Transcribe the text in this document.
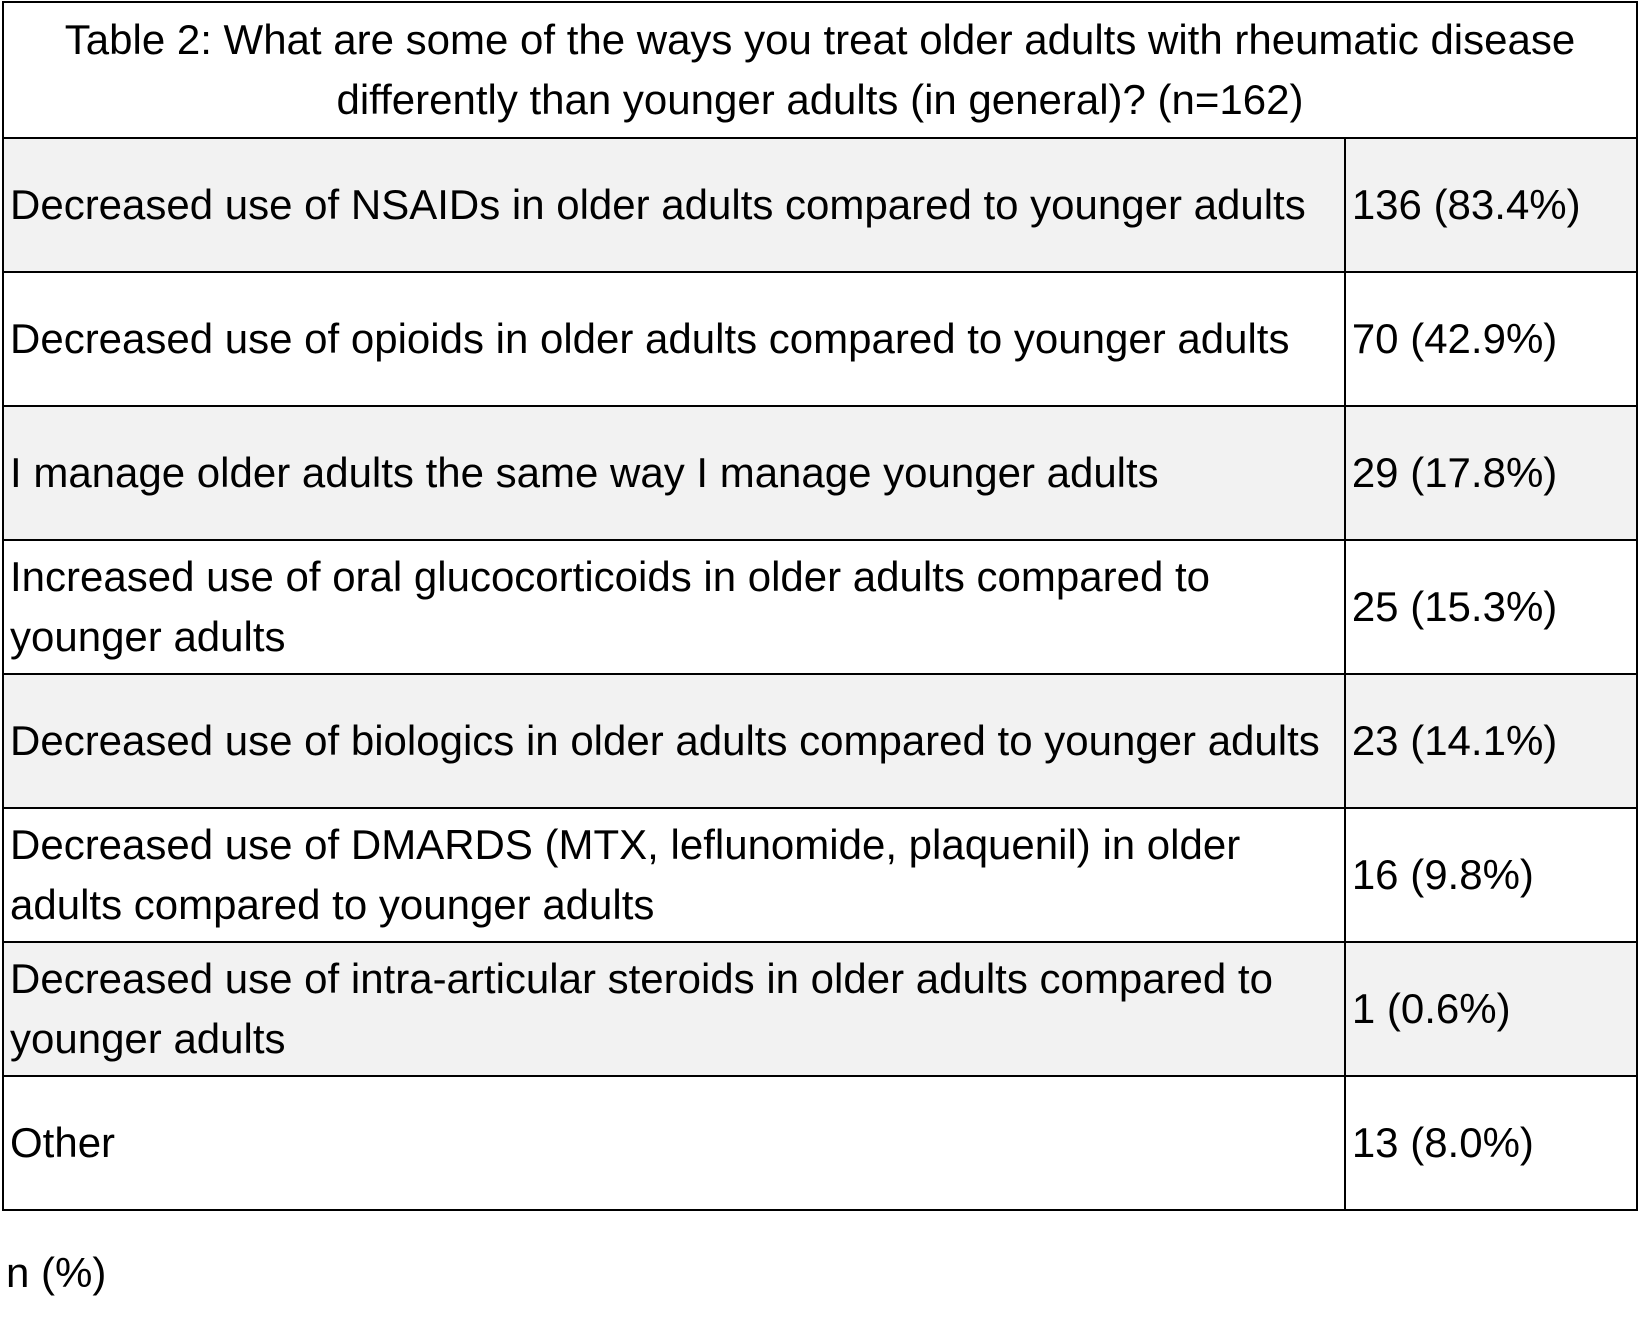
Table 2: What are some of the ways you treat older adults with rheumatic disease differently than younger adults (in general)? (n=162)	
Decreased use of NSAIDs in older adults compared to younger adults	136 (83.4%)
Decreased use of opioids in older adults compared to younger adults	70 (42.9%)
I manage older adults the same way I manage younger adults	29 (17.8%)
Increased use of oral glucocorticoids in older adults compared to younger adults	25 (15.3%)
Decreased use of biologics in older adults compared to younger adults	23 (14.1%)
Decreased use of DMARDS (MTX, leflunomide, plaquenil) in older adults compared to younger adults	16 (9.8%)
Decreased use of intra-articular steroids in older adults compared to younger adults	1 (0.6%)
Other	13 (8.0%)
n (%)
